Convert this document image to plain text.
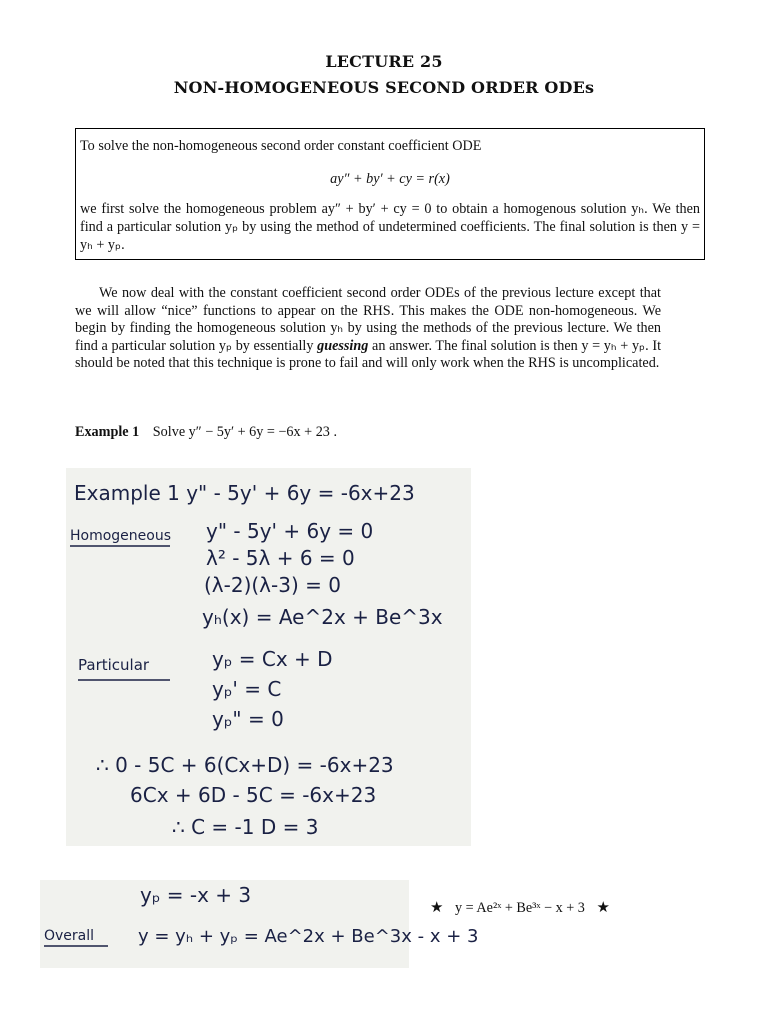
LECTURE 25
NON-HOMOGENEOUS SECOND ORDER ODEs
To solve the non-homogeneous second order constant coefficient ODE
ay″ + by′ + cy = r(x)
we first solve the homogeneous problem ay″ + by′ + cy = 0 to obtain a homogenous solution yₕ. We then find a particular solution yₚ by using the method of undetermined coefficients. The final solution is then y = yₕ + yₚ.
We now deal with the constant coefficient second order ODEs of the previous lecture except that we will allow “nice” functions to appear on the RHS. This makes the ODE non-homogeneous. We begin by finding the homogeneous solution yₕ by using the methods of the previous lecture. We then find a particular solution yₚ by essentially guessing an answer. The final solution is then y = yₕ + yₚ. It should be noted that this technique is prone to fail and will only work when the RHS is uncomplicated.
Example 1 Solve y″ − 5y′ + 6y = −6x + 23 .
Example 1 y" - 5y' + 6y = -6x+23
Homogeneous y" - 5y' + 6y = 0
λ² - 5λ + 6 = 0
(λ-2)(λ-3) = 0
yₕ(x) = Ae^2x + Be^3x
Particular	yₚ = Cx + D
yₚ' = C
yₚ" = 0
∴ 0 - 5C + 6(Cx+D) = -6x+23
6Cx + 6D - 5C = -6x+23
∴ C = -1 D = 3
yₚ = -x + 3
Overall y = yₕ + yₚ = Ae^2x + Be^3x - x + 3
★ y = Ae²ˣ + Be³ˣ − x + 3 ★
